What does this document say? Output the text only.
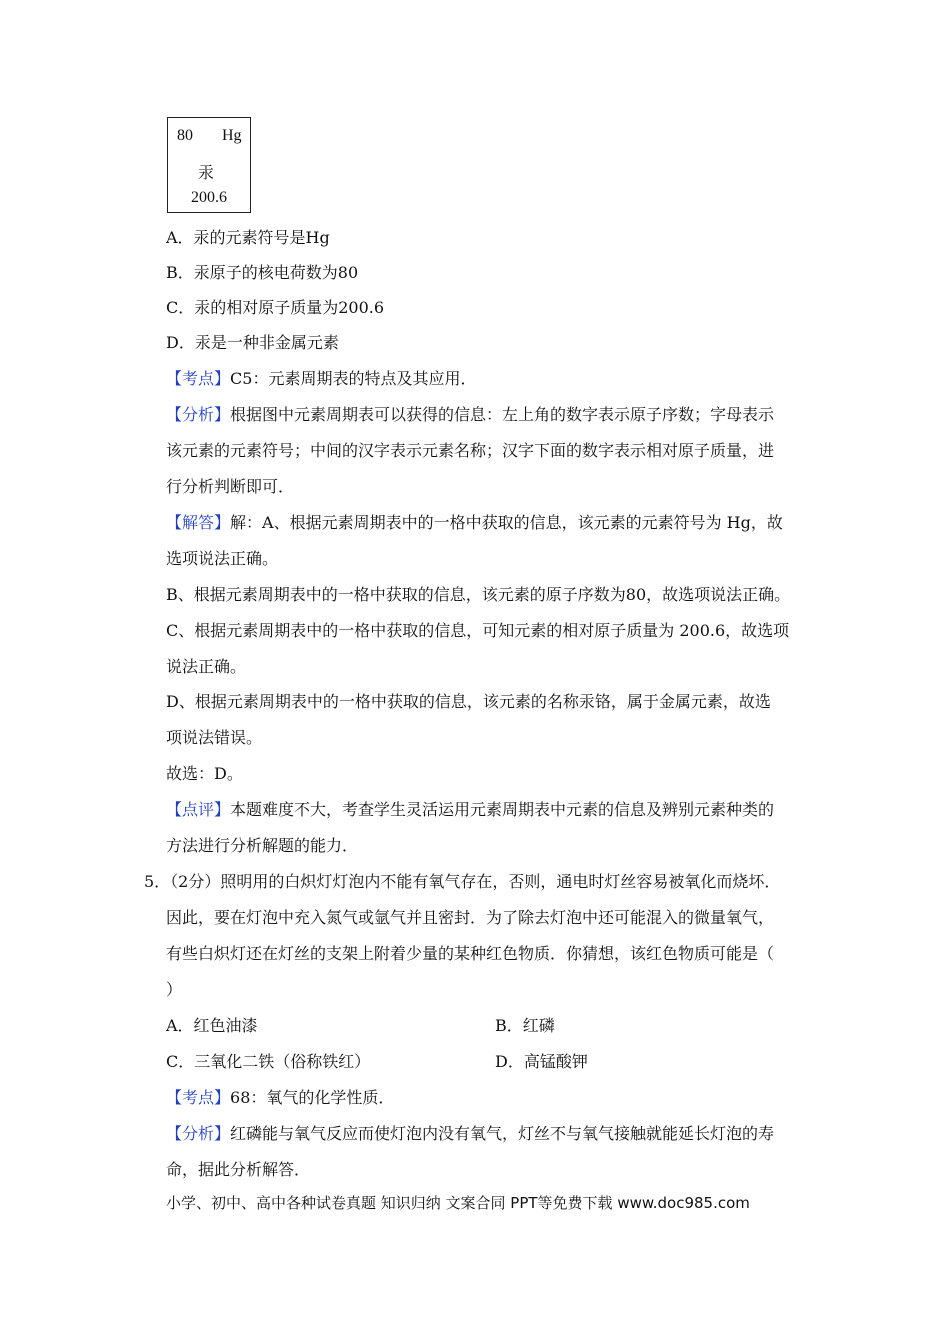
80 Hg
汞
200.6
A．汞的元素符号是Hg
B．汞原子的核电荷数为80
C．汞的相对原子质量为200.6
D．汞是一种非金属元素
【考点】C5：元素周期表的特点及其应用．
【分析】根据图中元素周期表可以获得的信息：左上角的数字表示原子序数；字母表示
该元素的元素符号；中间的汉字表示元素名称；汉字下面的数字表示相对原子质量，进
行分析判断即可．
【解答】解：A、根据元素周期表中的一格中获取的信息，该元素的元素符号为 Hg，故
选项说法正确。
B、根据元素周期表中的一格中获取的信息，该元素的原子序数为80，故选项说法正确。
C、根据元素周期表中的一格中获取的信息，可知元素的相对原子质量为 200.6，故选项
说法正确。
D、根据元素周期表中的一格中获取的信息，该元素的名称汞铬，属于金属元素，故选
项说法错误。
故选：D。
【点评】本题难度不大，考查学生灵活运用元素周期表中元素的信息及辨别元素种类的
方法进行分析解题的能力．
5．（2分）照明用的白炽灯灯泡内不能有氧气存在，否则，通电时灯丝容易被氧化而烧坏．
因此，要在灯泡中充入氮气或氩气并且密封．为了除去灯泡中还可能混入的微量氧气，
有些白炽灯还在灯丝的支架上附着少量的某种红色物质．你猜想，该红色物质可能是（
）
A．红色油漆	B．红磷
C．三氧化二铁（俗称铁红）	D．高锰酸钾
【考点】68：氧气的化学性质．
【分析】红磷能与氧气反应而使灯泡内没有氧气，灯丝不与氧气接触就能延长灯泡的寿
命，据此分析解答．
小学、初中、高中各种试卷真题 知识归纳 文案合同 PPT等免费下载 www.doc985.com
